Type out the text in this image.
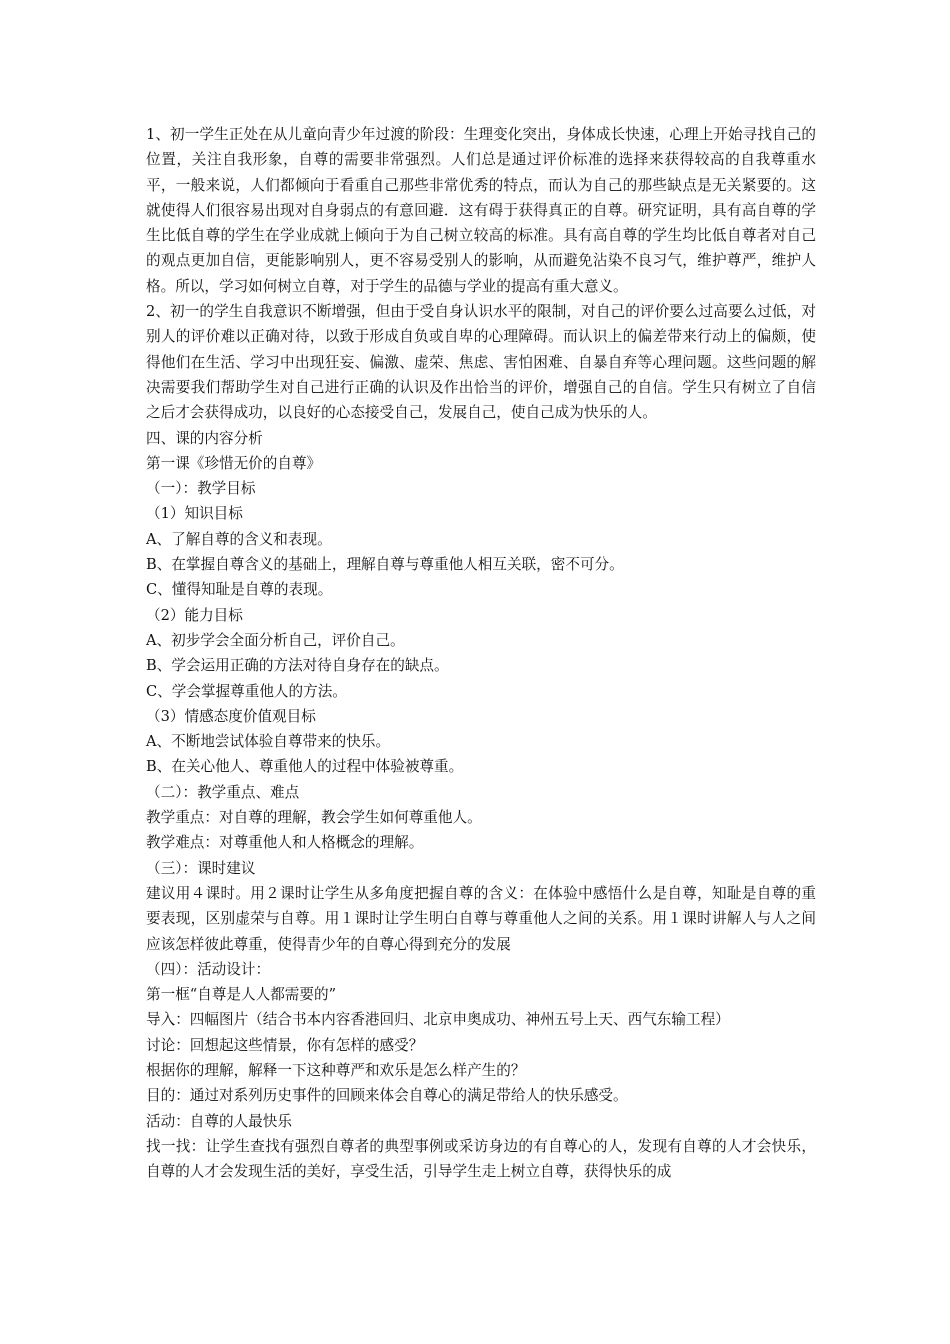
1、初一学生正处在从儿童向青少年过渡的阶段：生理变化突出，身体成长快速，心理上开始寻找自己的位置，关注自我形象，自尊的需要非常强烈。人们总是通过评价标准的选择来获得较高的自我尊重水平，一般来说，人们都倾向于看重自己那些非常优秀的特点，而认为自己的那些缺点是无关紧要的。这就使得人们很容易出现对自身弱点的有意回避．这有碍于获得真正的自尊。研究证明，具有高自尊的学生比低自尊的学生在学业成就上倾向于为自己树立较高的标准。具有高自尊的学生均比低自尊者对自己的观点更加自信，更能影响别人，更不容易受别人的影响，从而避免沾染不良习气，维护尊严，维护人格。所以，学习如何树立自尊，对于学生的品德与学业的提高有重大意义。

2、初一的学生自我意识不断增强，但由于受自身认识水平的限制，对自己的评价要么过高要么过低，对别人的评价难以正确对待，以致于形成自负或自卑的心理障碍。而认识上的偏差带来行动上的偏颇，使得他们在生活、学习中出现狂妄、偏激、虚荣、焦虑、害怕困难、自暴自弃等心理问题。这些问题的解决需要我们帮助学生对自己进行正确的认识及作出恰当的评价，增强自己的自信。学生只有树立了自信之后才会获得成功，以良好的心态接受自己，发展自己，使自己成为快乐的人。

四、课的内容分析

第一课《珍惜无价的自尊》

（一）：教学目标

（1）知识目标

A、了解自尊的含义和表现。

B、在掌握自尊含义的基础上，理解自尊与尊重他人相互关联，密不可分。

C、懂得知耻是自尊的表现。

（2）能力目标

A、初步学会全面分析自己，评价自己。

B、学会运用正确的方法对待自身存在的缺点。

C、学会掌握尊重他人的方法。

（3）情感态度价值观目标

A、不断地尝试体验自尊带来的快乐。

B、在关心他人、尊重他人的过程中体验被尊重。

（二）：教学重点、难点

教学重点：对自尊的理解，教会学生如何尊重他人。

教学难点：对尊重他人和人格概念的理解。

（三）：课时建议

建议用４课时。用２课时让学生从多角度把握自尊的含义：在体验中感悟什么是自尊，知耻是自尊的重要表现，区别虚荣与自尊。用１课时让学生明白自尊与尊重他人之间的关系。用１课时讲解人与人之间应该怎样彼此尊重，使得青少年的自尊心得到充分的发展

（四）：活动设计：

第一框“自尊是人人都需要的”

导入：四幅图片（结合书本内容香港回归、北京申奥成功、神州五号上天、西气东输工程）

讨论：回想起这些情景，你有怎样的感受？

根据你的理解，解释一下这种尊严和欢乐是怎么样产生的？

目的：通过对系列历史事件的回顾来体会自尊心的满足带给人的快乐感受。

活动：自尊的人最快乐

找一找：让学生查找有强烈自尊者的典型事例或采访身边的有自尊心的人，发现有自尊的人才会快乐，自尊的人才会发现生活的美好，享受生活，引导学生走上树立自尊，获得快乐的成
